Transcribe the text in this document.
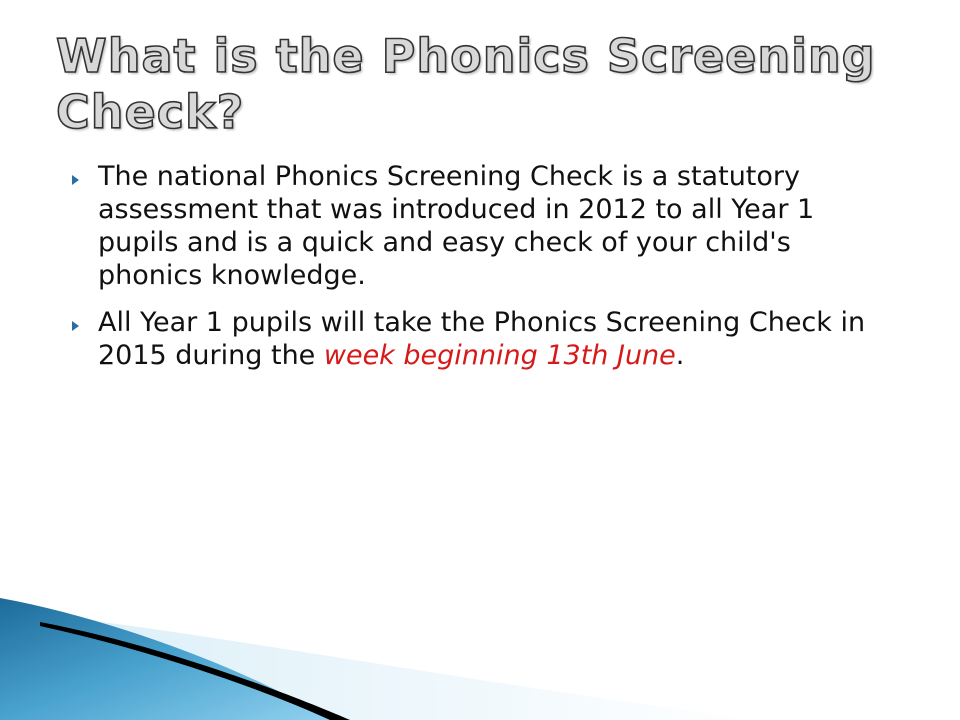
What is the Phonics Screening Check?
The national Phonics Screening Check is a statutory assessment that was introduced in 2012 to all Year 1 pupils and is a quick and easy check of your child's phonics knowledge.
All Year 1 pupils will take the Phonics Screening Check in 2015 during the week beginning 13th June.
